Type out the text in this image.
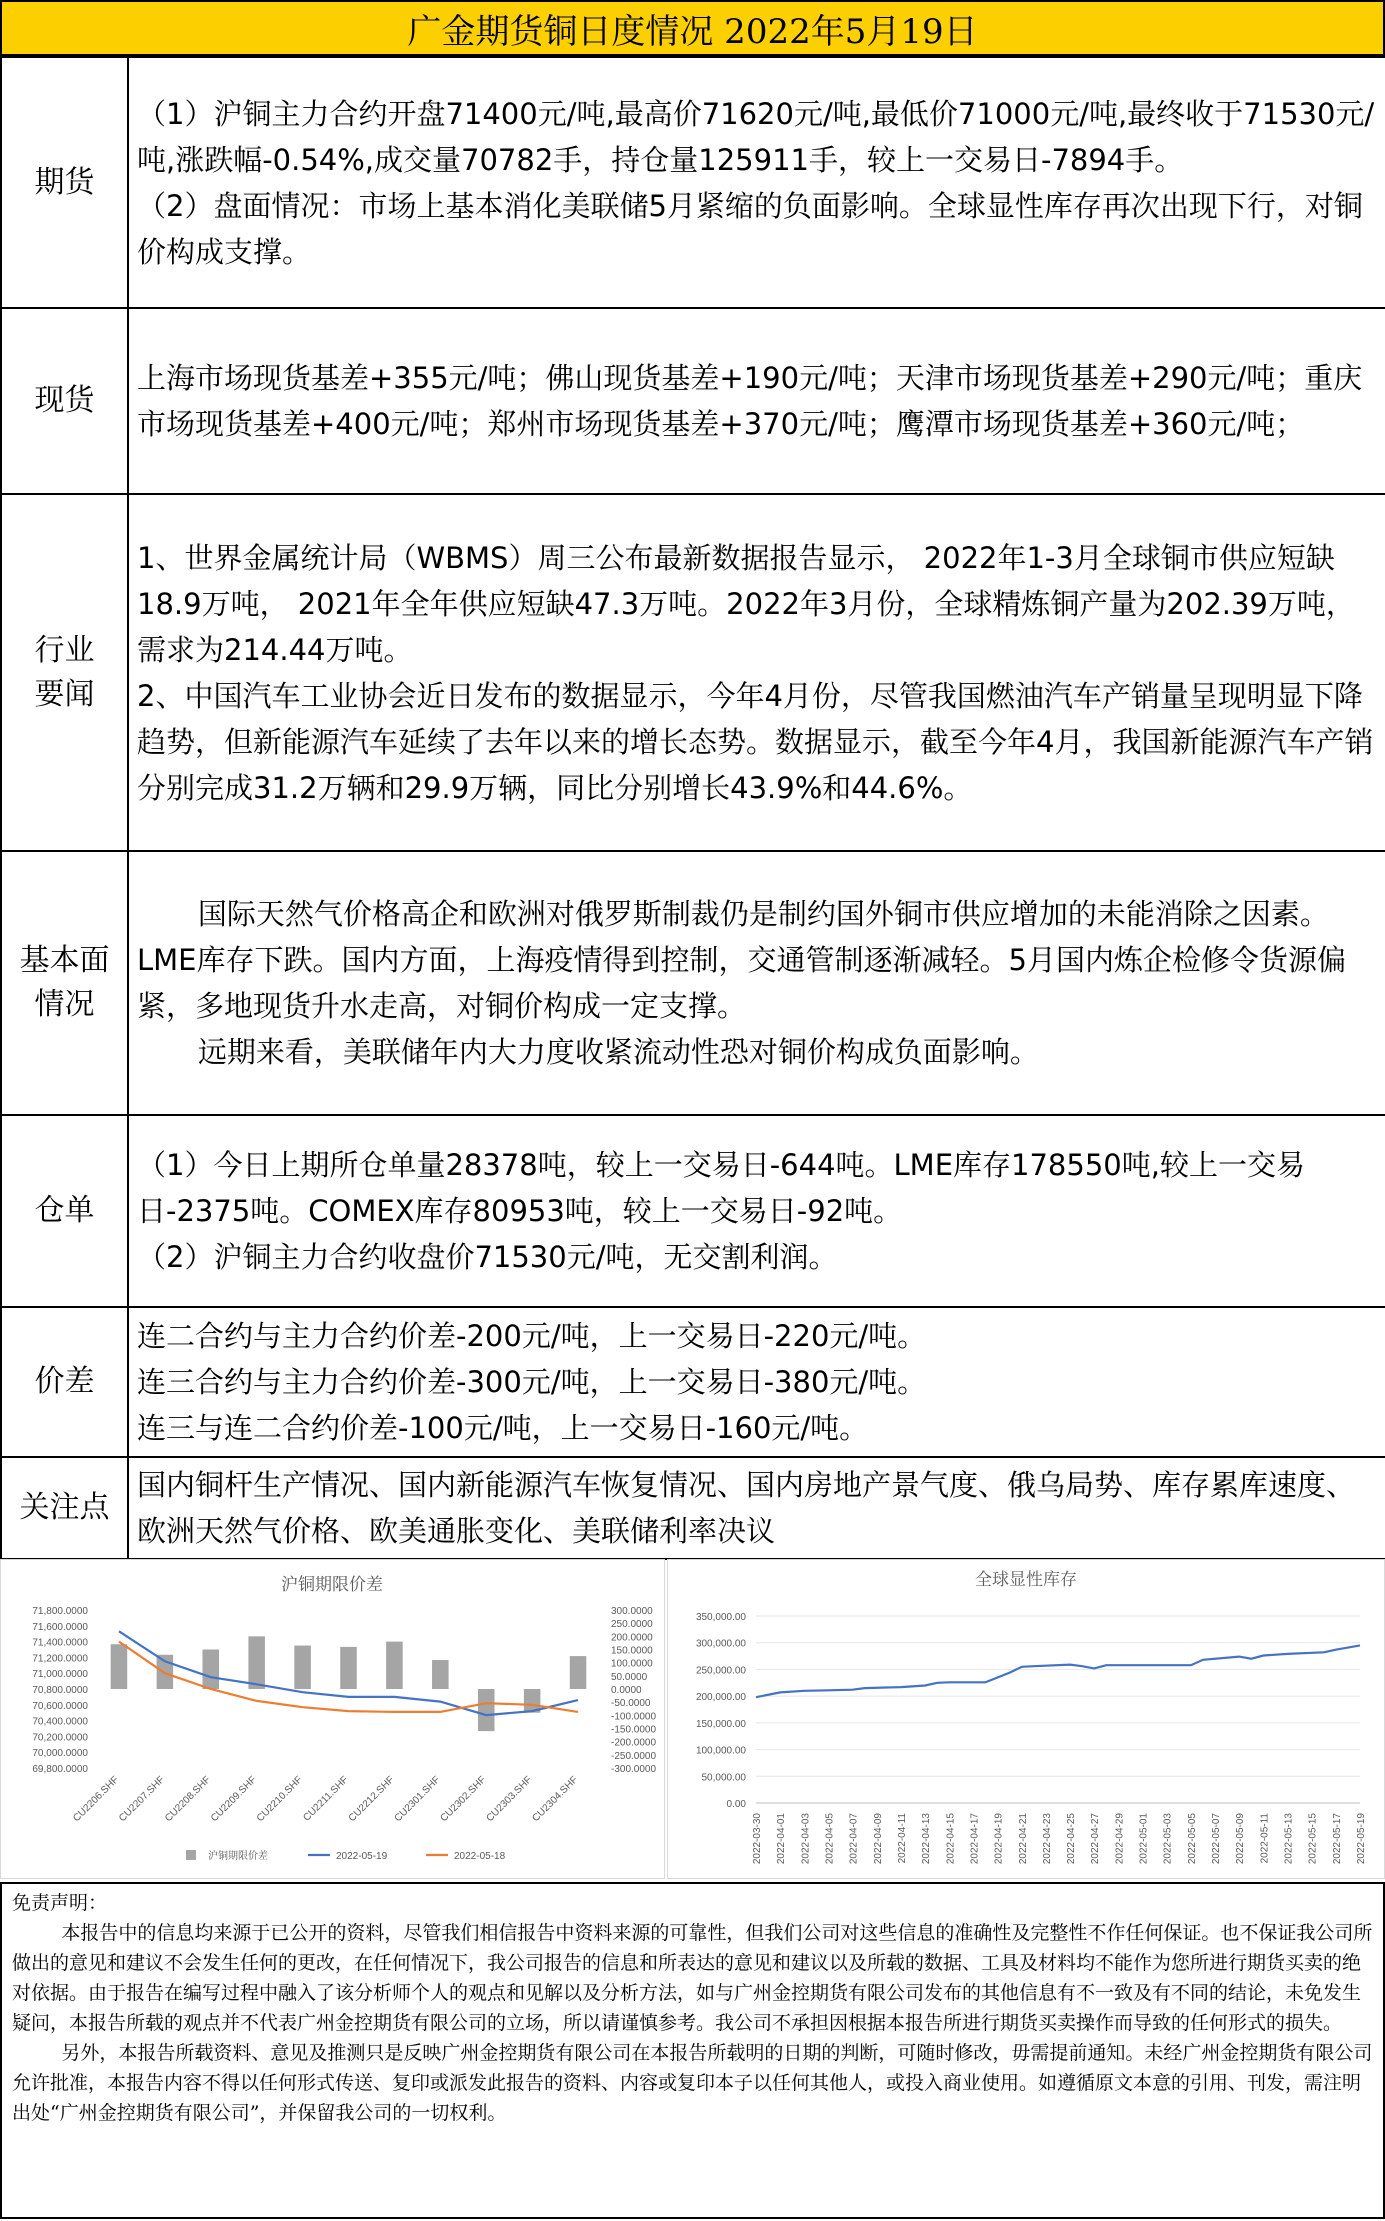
广金期货铜日度情况 2022年5月19日
期货	（1）沪铜主力合约开盘71400元/吨,最高价71620元/吨,最低价71000元/吨,最终收于71530元/吨,涨跌幅-0.54%,成交量70782手，持仓量125911手，较上一交易日-7894手。
（2）盘面情况：市场上基本消化美联储5月紧缩的负面影响。全球显性库存再次出现下行，对铜价构成支撑。

现货	上海市场现货基差+355元/吨；佛山现货基差+190元/吨；天津市场现货基差+290元/吨；重庆市场现货基差+400元/吨；郑州市场现货基差+370元/吨；鹰潭市场现货基差+360元/吨；

行业要闻	1、世界金属统计局（WBMS）周三公布最新数据报告显示， 2022年1-3月全球铜市供应短缺18.9万吨， 2021年全年供应短缺47.3万吨。2022年3月份，全球精炼铜产量为202.39万吨，需求为214.44万吨。
2、中国汽车工业协会近日发布的数据显示，今年4月份，尽管我国燃油汽车产销量呈现明显下降趋势，但新能源汽车延续了去年以来的增长态势。数据显示，截至今年4月，我国新能源汽车产销分别完成31.2万辆和29.9万辆，同比分别增长43.9%和44.6%。

基本面情况	国际天然气价格高企和欧洲对俄罗斯制裁仍是制约国外铜市供应增加的未能消除之因素。LME库存下跌。国内方面，上海疫情得到控制，交通管制逐渐减轻。5月国内炼企检修令货源偏紧，多地现货升水走高，对铜价构成一定支撑。
远期来看，美联储年内大力度收紧流动性恐对铜价构成负面影响。

仓单	（1）今日上期所仓单量28378吨，较上一交易日-644吨。LME库存178550吨,较上一交易日-2375吨。COMEX库存80953吨，较上一交易日-92吨。
（2）沪铜主力合约收盘价71530元/吨，无交割利润。

价差	连二合约与主力合约价差-200元/吨，上一交易日-220元/吨。
连三合约与主力合约价差-300元/吨，上一交易日-380元/吨。
连三与连二合约价差-100元/吨，上一交易日-160元/吨。

关注点	国内铜杆生产情况、国内新能源汽车恢复情况、国内房地产景气度、俄乌局势、库存累库速度、欧洲天然气价格、欧美通胀变化、美联储利率决议
沪铜期限价差
71,800.0000
71,600.0000
71,400.0000
71,200.0000
71,000.0000
70,800.0000
70,600.0000
70,400.0000
70,200.0000
70,000.0000
69,800.0000
300.0000
250.0000
200.0000
150.0000
100.0000
50.0000
0.0000
-50.0000
-100.0000
-150.0000
-200.0000
-250.0000
-300.0000
CU2206.SHF
CU2207.SHF
CU2208.SHF
CU2209.SHF
CU2210.SHF
CU2211.SHF
CU2212.SHF
CU2301.SHF
CU2302.SHF
CU2303.SHF
CU2304.SHF
沪铜期限价差	2022-05-19	2022-05-18
全球显性库存
350,000.00
300,000.00
250,000.00
200,000.00
150,000.00
100,000.00
50,000.00
0.00
2022-03-30 2022-04-01 2022-04-03 2022-04-05 2022-04-07 2022-04-09 2022-04-11 2022-04-13 2022-04-15 2022-04-17 2022-04-19 2022-04-21 2022-04-23 2022-04-25 2022-04-27 2022-04-29 2022-05-01 2022-05-03 2022-05-05 2022-05-07 2022-05-09 2022-05-11 2022-05-13 2022-05-15 2022-05-17 2022-05-19
免责声明：

本报告中的信息均来源于已公开的资料，尽管我们相信报告中资料来源的可靠性，但我们公司对这些信息的准确性及完整性不作任何保证。也不保证我公司所做出的意见和建议不会发生任何的更改，在任何情况下，我公司报告的信息和所表达的意见和建议以及所载的数据、工具及材料均不能作为您所进行期货买卖的绝对依据。由于报告在编写过程中融入了该分析师个人的观点和见解以及分析方法，如与广州金控期货有限公司发布的其他信息有不一致及有不同的结论，未免发生疑问，本报告所载的观点并不代表广州金控期货有限公司的立场，所以请谨慎参考。我公司不承担因根据本报告所进行期货买卖操作而导致的任何形式的损失。

另外，本报告所载资料、意见及推测只是反映广州金控期货有限公司在本报告所载明的日期的判断，可随时修改，毋需提前通知。未经广州金控期货有限公司允许批准，本报告内容不得以任何形式传送、复印或派发此报告的资料、内容或复印本子以任何其他人，或投入商业使用。如遵循原文本意的引用、刊发，需注明出处“广州金控期货有限公司”，并保留我公司的一切权利。
